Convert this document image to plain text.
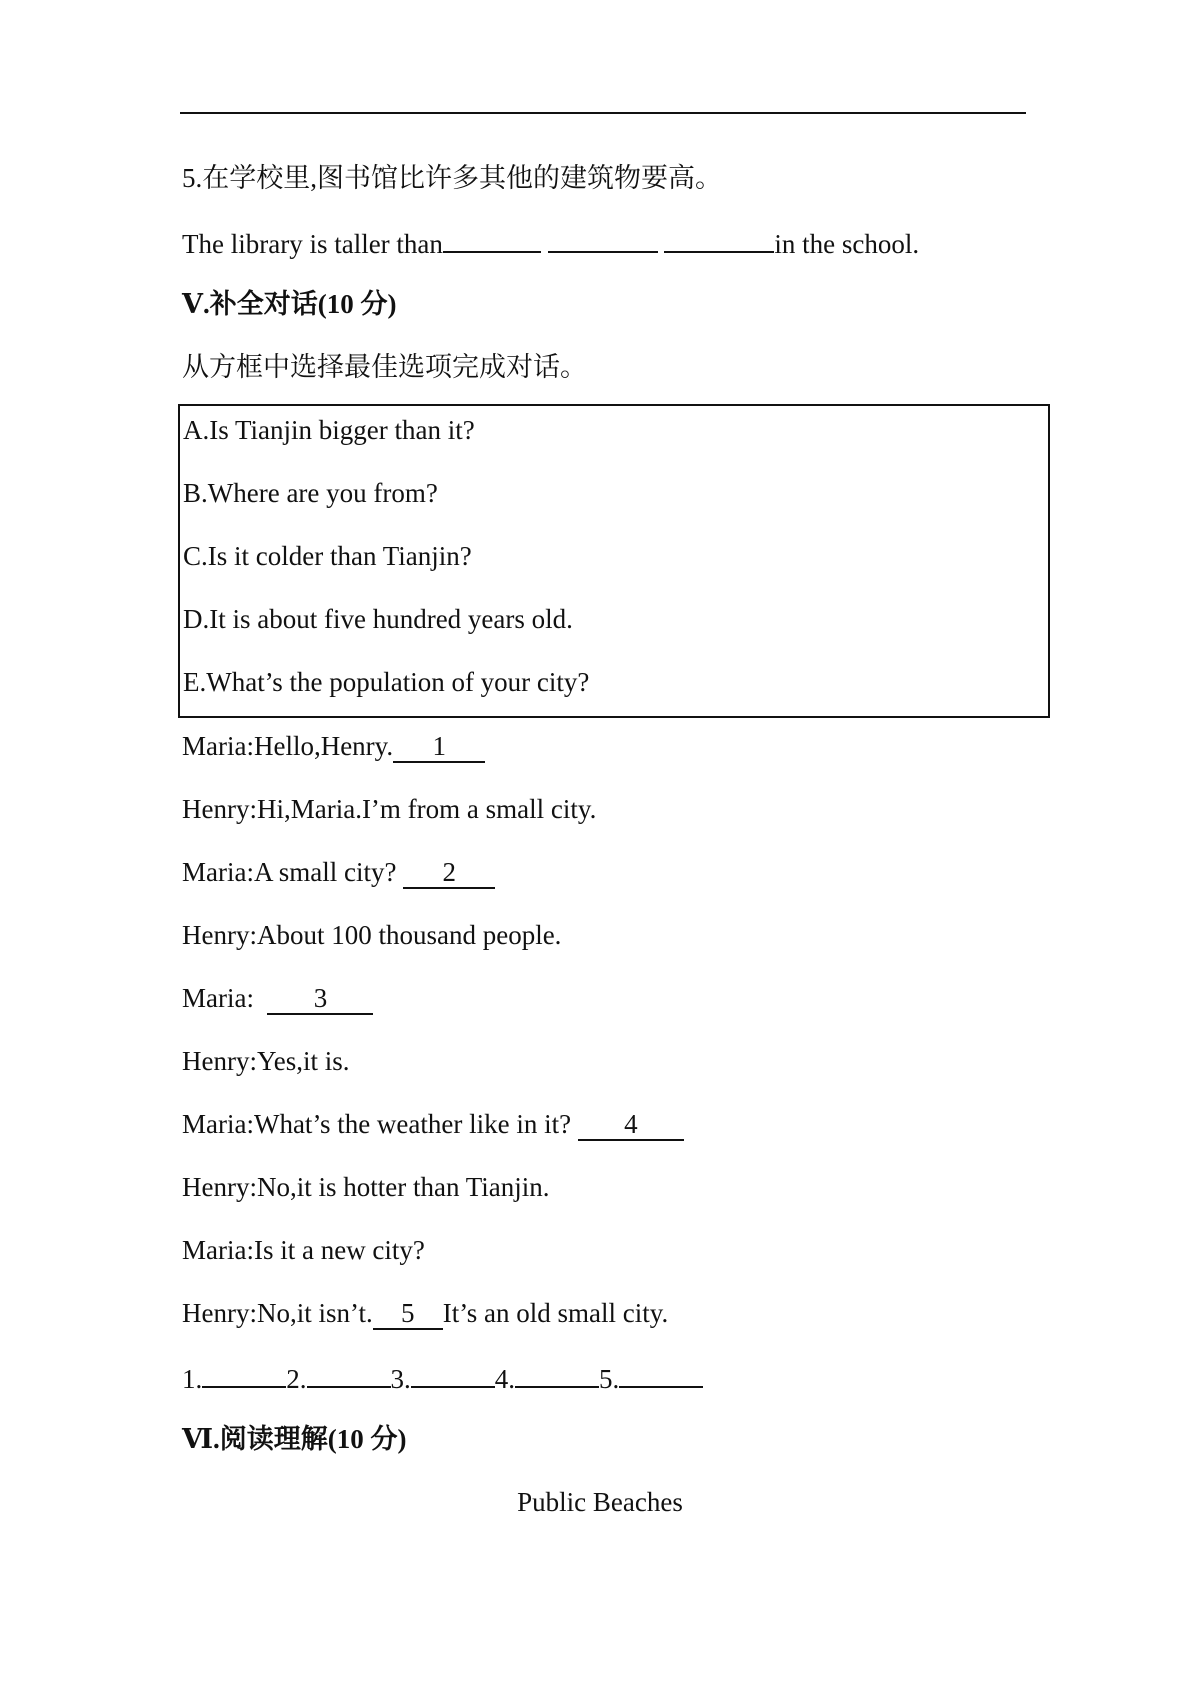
5.在学校里,图书馆比许多其他的建筑物要高。
The library is taller than	in the school.
Ⅴ.补全对话(10 分)
从方框中选择最佳选项完成对话。
A.Is Tianjin bigger than it?
B.Where are you from?
C.Is it colder than Tianjin?
D.It is about five hundred years old.
E.What’s the population of your city?
Maria:Hello,Henry. 1
Henry:Hi,Maria.I’m from a small city.
Maria:A small city? 2
Henry:About 100 thousand people.
Maria:  3
Henry:Yes,it is.
Maria:What’s the weather like in it? 4
Henry:No,it is hotter than Tianjin.
Maria:Is it a new city?
Henry:No,it isn’t. 5 It’s an old small city.
1.	2.	3.	4.	5.
Ⅵ.阅读理解(10 分)
Public Beaches
